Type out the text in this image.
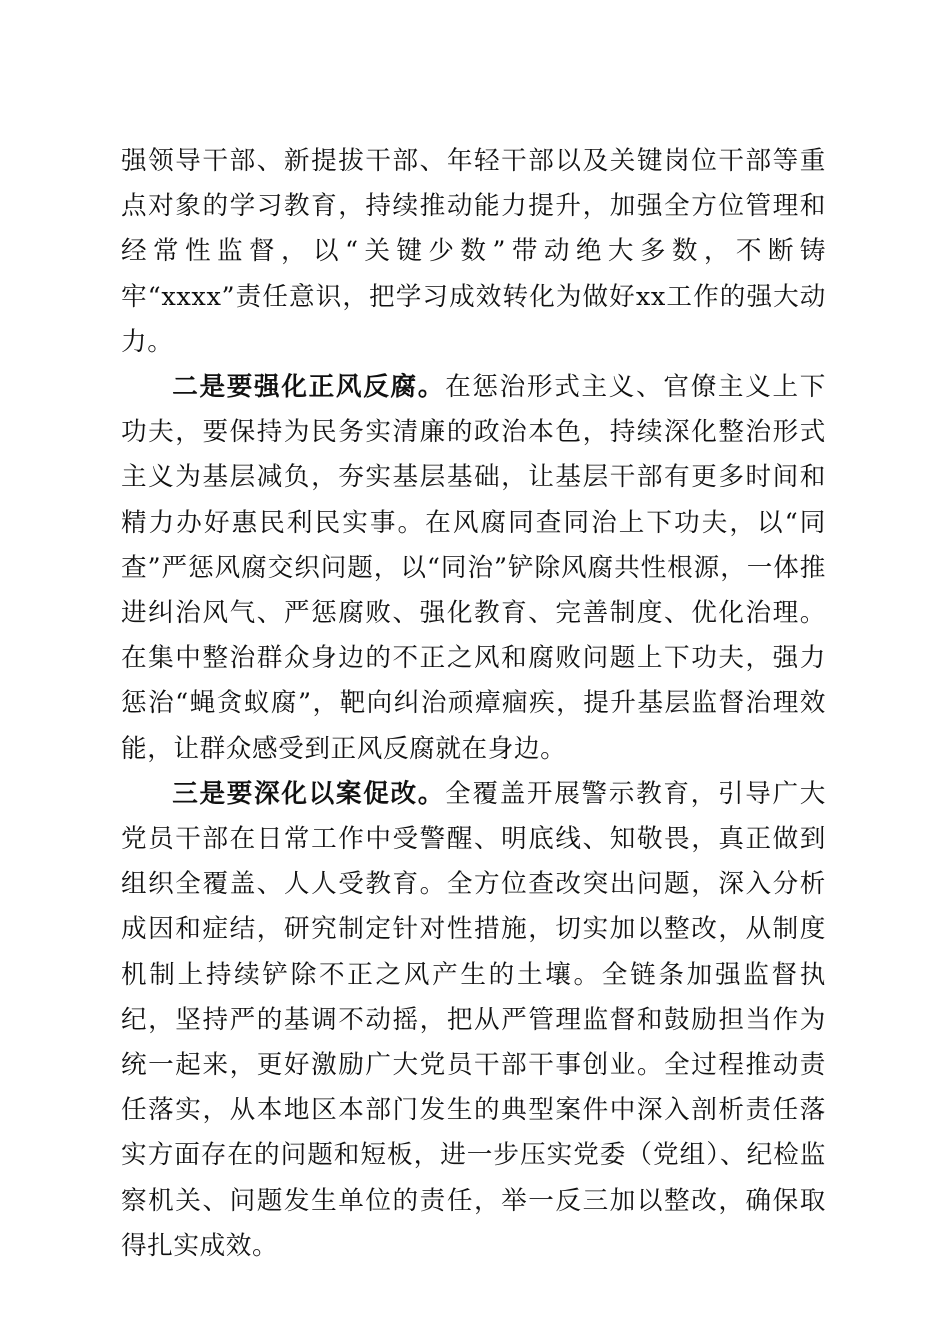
强领导干部、新提拔干部、年轻干部以及关键岗位干部等重点对象的学习教育，持续推动能力提升，加强全方位管理和经常性监督，以“关键少数”带动绝大多数，不断铸牢“xxxx”责任意识，把学习成效转化为做好xx工作的强大动力。

二是要强化正风反腐。在惩治形式主义、官僚主义上下功夫，要保持为民务实清廉的政治本色，持续深化整治形式主义为基层减负，夯实基层基础，让基层干部有更多时间和精力办好惠民利民实事。在风腐同查同治上下功夫，以“同查”严惩风腐交织问题，以“同治”铲除风腐共性根源，一体推进纠治风气、严惩腐败、强化教育、完善制度、优化治理。在集中整治群众身边的不正之风和腐败问题上下功夫，强力惩治“蝇贪蚁腐”，靶向纠治顽瘴痼疾，提升基层监督治理效能，让群众感受到正风反腐就在身边。

三是要深化以案促改。全覆盖开展警示教育，引导广大党员干部在日常工作中受警醒、明底线、知敬畏，真正做到组织全覆盖、人人受教育。全方位查改突出问题，深入分析成因和症结，研究制定针对性措施，切实加以整改，从制度机制上持续铲除不正之风产生的土壤。全链条加强监督执纪，坚持严的基调不动摇，把从严管理监督和鼓励担当作为统一起来，更好激励广大党员干部干事创业。全过程推动责任落实，从本地区本部门发生的典型案件中深入剖析责任落实方面存在的问题和短板，进一步压实党委（党组）、纪检监察机关、问题发生单位的责任，举一反三加以整改，确保取得扎实成效。
